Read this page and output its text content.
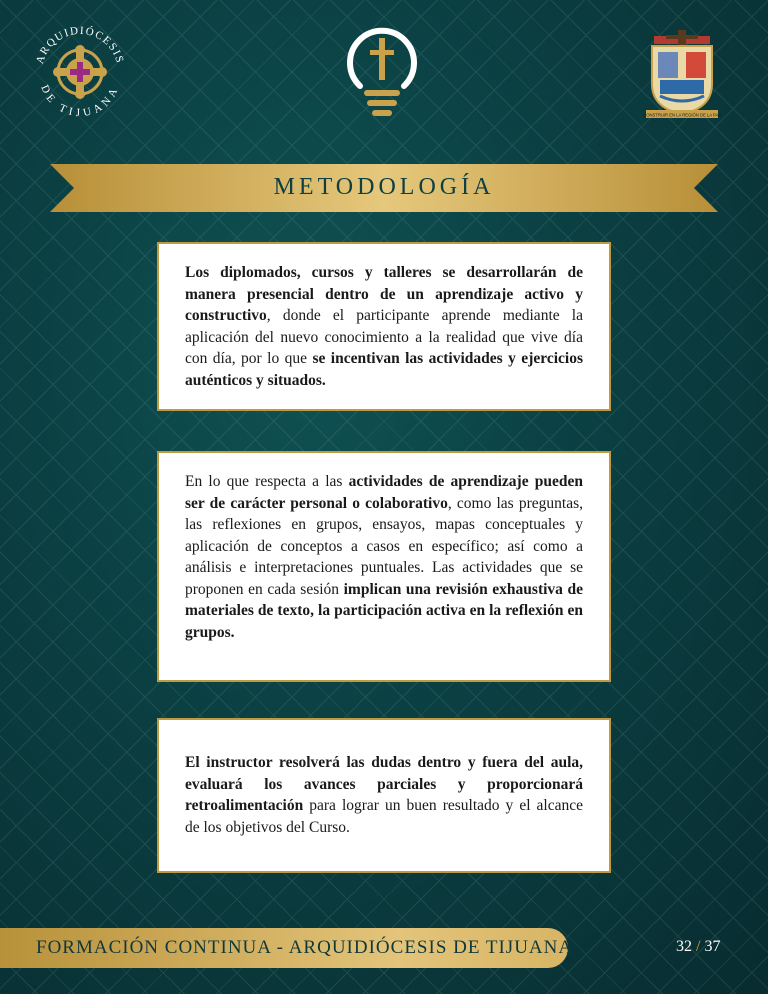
ARQUIDIÓCESIS
DE TIJUANA
CONSTRUIR EN LA REGIÓN DE LA PAZ
METODOLOGÍA

Los diplomados, cursos y talleres se desarrollarán de manera presencial dentro de un aprendizaje activo y constructivo, donde el participante aprende mediante la aplicación del nuevo conocimiento a la realidad que vive día con día, por lo que se incentivan las actividades y ejercicios auténticos y situados.

En lo que respecta a las actividades de aprendizaje pueden ser de carácter personal o colaborativo, como las preguntas, las reflexiones en grupos, ensayos, mapas conceptuales y aplicación de conceptos a casos en específico; así como a análisis e interpretaciones puntuales. Las actividades que se proponen en cada sesión implican una revisión exhaustiva de materiales de texto, la participación activa en la reflexión en grupos.

El instructor resolverá las dudas dentro y fuera del aula, evaluará los avances parciales y proporcionará retroalimentación para lograr un buen resultado y el alcance de los objetivos del Curso.

FORMACIÓN CONTINUA - ARQUIDIÓCESIS DE TIJUANA	32 / 37
